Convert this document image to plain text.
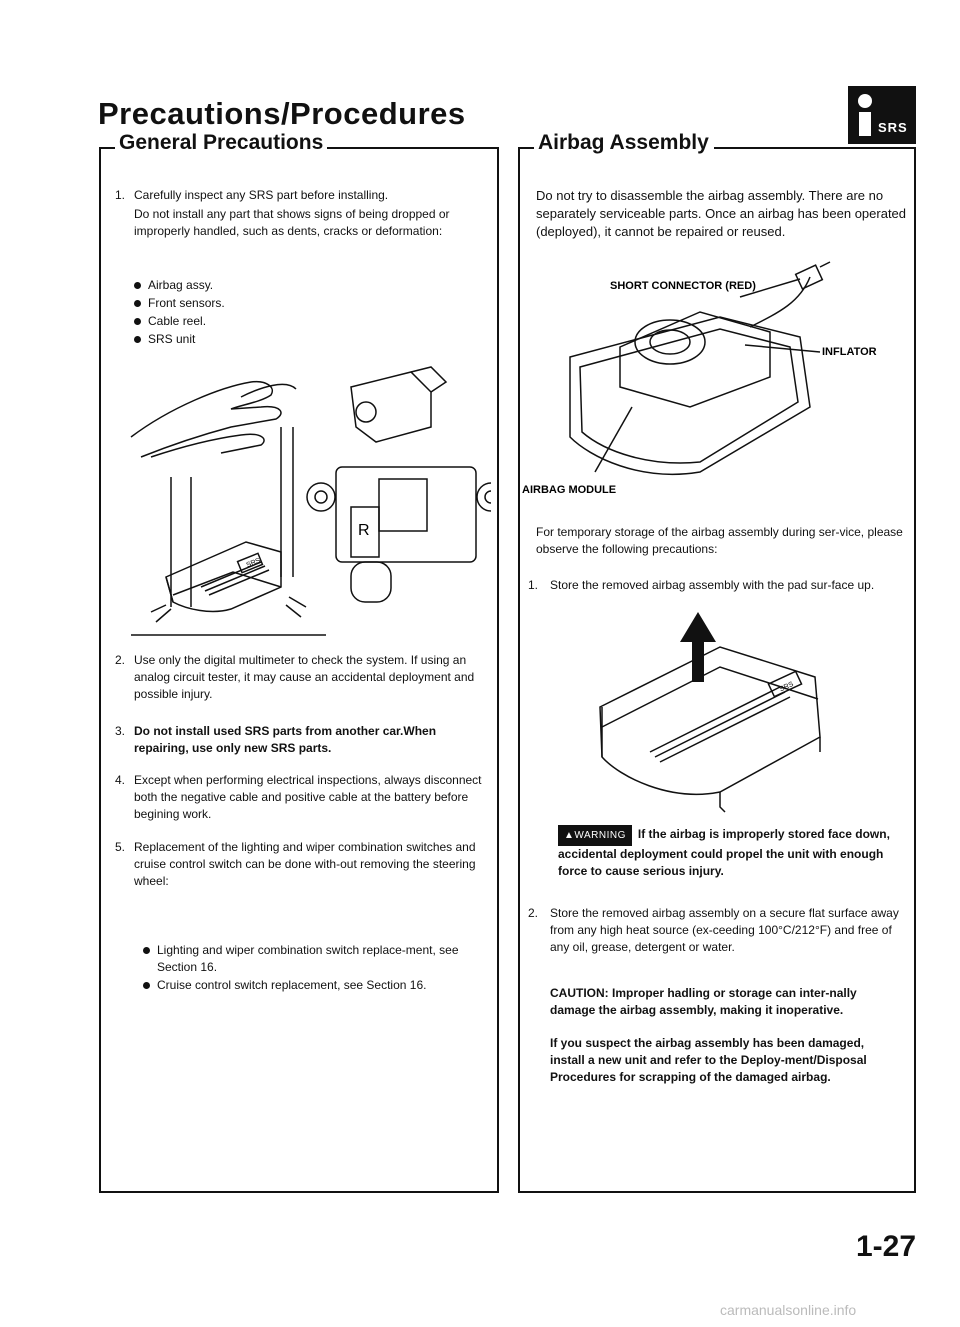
Precautions/Procedures	SRS
General Precautions
1. Carefully inspect any SRS part before installing.
Do not install any part that shows signs of being dropped or improperly handled, such as dents, cracks or deformation:
Airbag assy.
Front sensors.
Cable reel.
SRS unit
SRS
R
2. Use only the digital multimeter to check the system. If using an analog circuit tester, it may cause an accidental deployment and possible injury.
3. Do not install used SRS parts from another car.When repairing, use only new SRS parts.
4. Except when performing electrical inspections, always disconnect both the negative cable and positive cable at the battery before begining work.
5. Replacement of the lighting and wiper combination switches and cruise control switch can be done with-out removing the steering wheel:
Lighting and wiper combination switch replace-ment, see Section 16.
Cruise control switch replacement, see Section 16.
Airbag Assembly
Do not try to disassemble the airbag assembly. There are no separately serviceable parts. Once an airbag has been operated (deployed), it cannot be repaired or reused.
SHORT CONNECTOR (RED)
INFLATOR
AIRBAG MODULE
For temporary storage of the airbag assembly during ser-vice, please observe the following precautions:
1. Store the removed airbag assembly with the pad sur-face up.
SRS
▲WARNING If the airbag is improperly stored face down, accidental deployment could propel the unit with enough force to cause serious injury.
2. Store the removed airbag assembly on a secure flat surface away from any high heat source (ex-ceeding 100°C/212°F) and free of any oil, grease, detergent or water.
CAUTION: Improper hadling or storage can inter-nally damage the airbag assembly, making it inoperative.
If you suspect the airbag assembly has been damaged, install a new unit and refer to the Deploy-ment/Disposal Procedures for scrapping of the damaged airbag.
1-27
carmanualsonline.info
